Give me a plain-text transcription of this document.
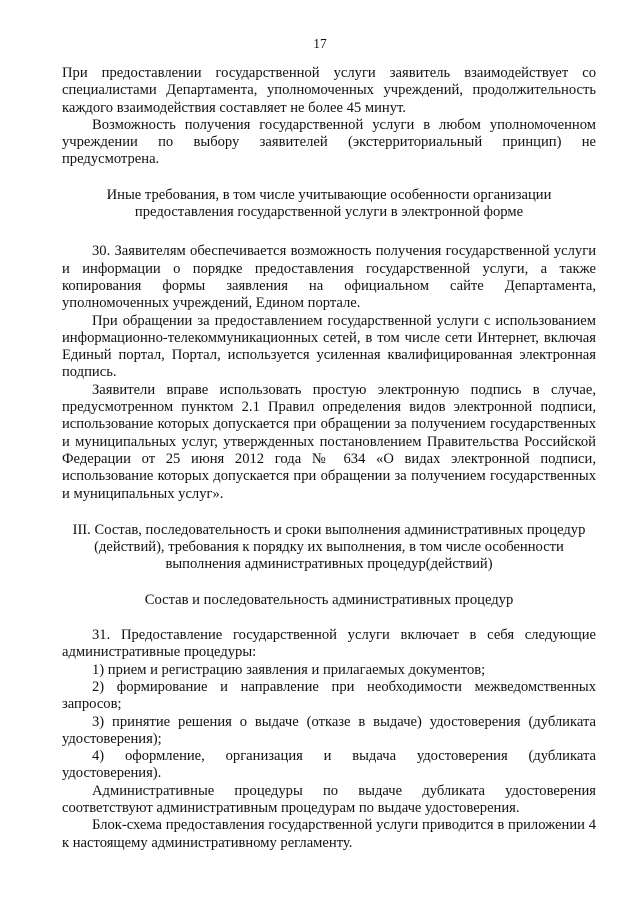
17

При предоставлении государственной услуги заявитель взаимодействует со специалистами Департамента, уполномоченных учреждений, продолжительность каждого взаимодействия составляет не более 45 минут.

Возможность получения государственной услуги в любом уполномоченном учреждении по выбору заявителей (экстерриториальный принцип) не предусмотрена.

Иные требования, в том числе учитывающие особенности организации предоставления государственной услуги в электронной форме

30. Заявителям обеспечивается возможность получения государственной услуги и информации о порядке предоставления государственной услуги, а также копирования формы заявления на официальном сайте Департамента, уполномоченных учреждений, Едином портале.

При обращении за предоставлением государственной услуги с использованием информационно-телекоммуникационных сетей, в том числе сети Интернет, включая Единый портал, Портал, используется усиленная квалифицированная электронная подпись.

Заявители вправе использовать простую электронную подпись в случае, предусмотренном пунктом 2.1 Правил определения видов электронной подписи, использование которых допускается при обращении за получением государственных и муниципальных услуг, утвержденных постановлением Правительства Российской Федерации от 25 июня 2012 года № 634 «О видах электронной подписи, использование которых допускается при обращении за получением государственных и муниципальных услуг».

III. Состав, последовательность и сроки выполнения административных процедур (действий), требования к порядку их выполнения, в том числе особенности выполнения административных процедур(действий)

Состав и последовательность административных процедур

31. Предоставление государственной услуги включает в себя следующие административные процедуры:

1) прием и регистрацию заявления и прилагаемых документов;

2) формирование и направление при необходимости межведомственных запросов;

3) принятие решения о выдаче (отказе в выдаче) удостоверения (дубликата удостоверения);

4) оформление, организация и выдача удостоверения (дубликата удостоверения).

Административные процедуры по выдаче дубликата удостоверения соответствуют административным процедурам по выдаче удостоверения.

Блок-схема предоставления государственной услуги приводится в приложении 4 к настоящему административному регламенту.
